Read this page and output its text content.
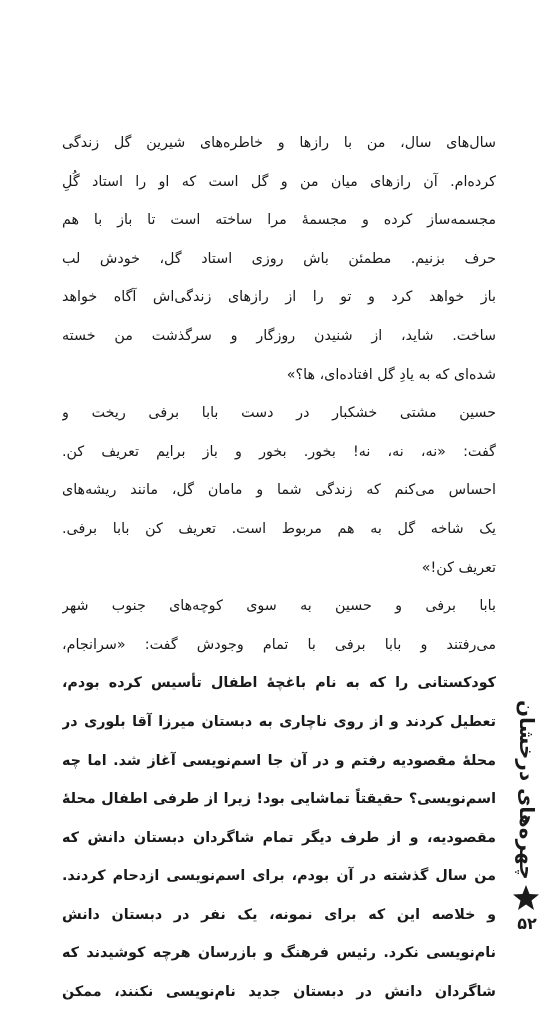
سال‌های سال، من با رازها و خاطره‌های شیرین گل زندگی
کرده‌ام. آن رازهای میان من و گل است که او را استاد گُلِ
مجسمه‌ساز کرده و مجسمهٔ مرا ساخته است تا باز با هم
حرف بزنیم. مطمئن باش روزی استاد گل، خودش لب
باز خواهد کرد و تو را از رازهای زندگی‌اش آگاه خواهد
ساخت. شاید، از شنیدن روزگار و سرگذشت من خسته
شده‌ای که به یادِ گل افتاده‌ای، ها؟»
حسین مشتی خشکبار در دست بابا برفی ریخت و
گفت: «نه، نه، نه! بخور. بخور و باز برایم تعریف کن.
احساس می‌کنم که زندگی شما و مامان گل، مانند ریشه‌های
یک شاخه گل به هم مربوط است. تعریف کن بابا برفی.
تعریف کن!»
بابا برفی و حسین به سوی کوچه‌های جنوب شهر
می‌رفتند و بابا برفی با تمام وجودش گفت: «سرانجام،
کودکستانی را که به نام باغچهٔ اطفال تأسیس کرده بودم،
تعطیل کردند و از روی ناچاری به دبستان میرزا آقا بلوری در
محلهٔ مقصودیه رفتم و در آن جا اسم‌نویسی آغاز شد. اما چه
اسم‌نویسی؟ حقیقتاً تماشایی بود! زیرا از طرفی اطفال محلهٔ
مقصودیه، و از طرف دیگر تمام شاگردان دبستان دانش که
من سال گذشته در آن بودم، برای اسم‌نویسی ازدحام کردند.
و خلاصه این که برای نمونه، یک نفر در دبستان دانش
نام‌نویسی نکرد. رئیس فرهنگ و بازرسان هرچه کوشیدند که
شاگردان دانش در دبستان جدید نام‌نویسی نکنند، ممکن
چهره‌های درخشان
۵۲
